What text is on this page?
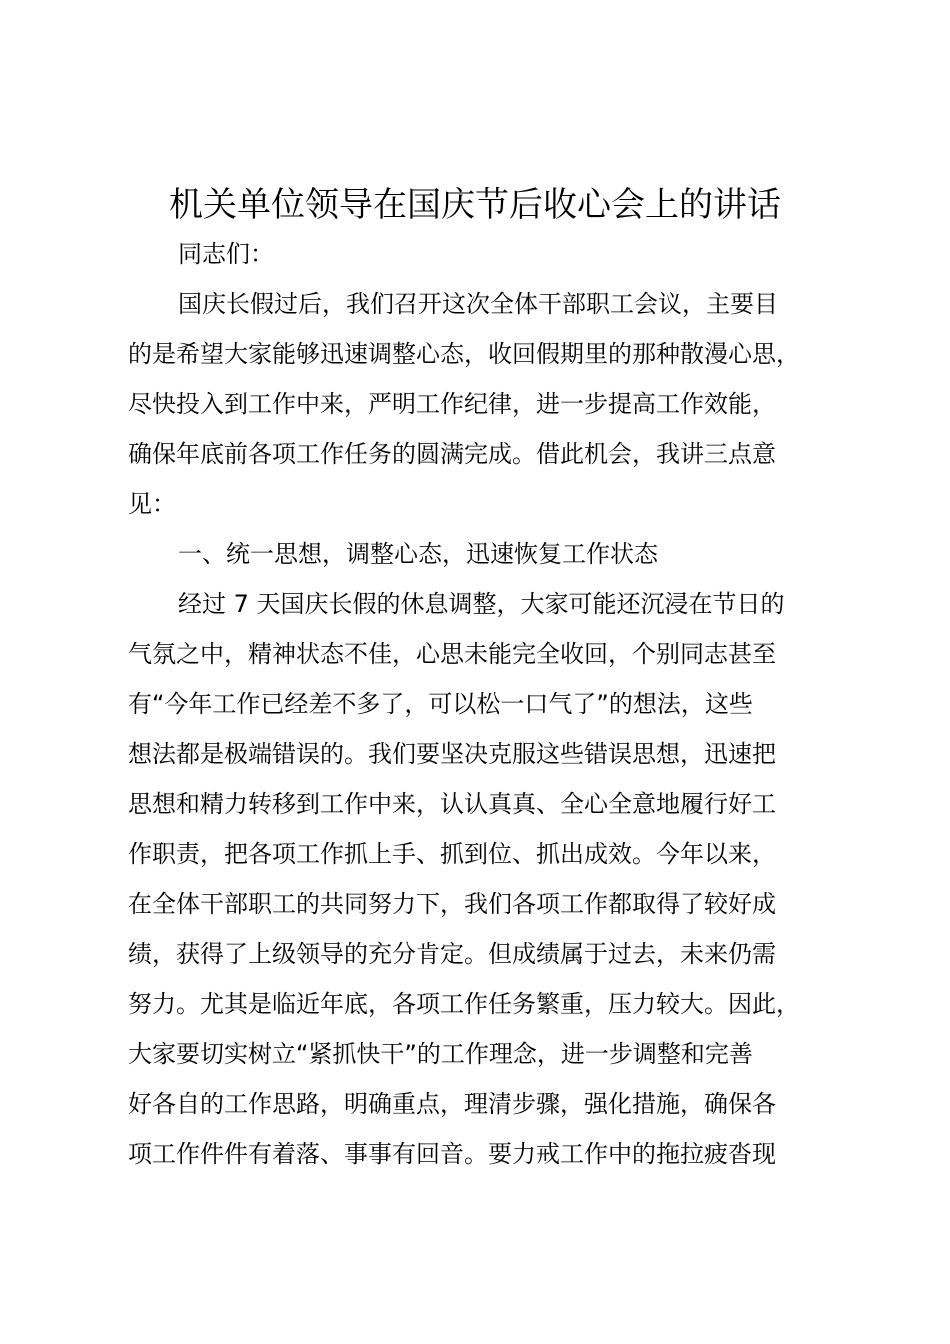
机关单位领导在国庆节后收心会上的讲话

同志们：

国庆长假过后，我们召开这次全体干部职工会议，主要目

的是希望大家能够迅速调整心态，收回假期里的那种散漫心思，

尽快投入到工作中来，严明工作纪律，进一步提高工作效能，

确保年底前各项工作任务的圆满完成。借此机会，我讲三点意

见：

一、统一思想，调整心态，迅速恢复工作状态

经过 7 天国庆长假的休息调整，大家可能还沉浸在节日的

气氛之中，精神状态不佳，心思未能完全收回，个别同志甚至

有“今年工作已经差不多了，可以松一口气了”的想法，这些

想法都是极端错误的。我们要坚决克服这些错误思想，迅速把

思想和精力转移到工作中来，认认真真、全心全意地履行好工

作职责，把各项工作抓上手、抓到位、抓出成效。今年以来，

在全体干部职工的共同努力下，我们各项工作都取得了较好成

绩，获得了上级领导的充分肯定。但成绩属于过去，未来仍需

努力。尤其是临近年底，各项工作任务繁重，压力较大。因此，

大家要切实树立“紧抓快干”的工作理念，进一步调整和完善

好各自的工作思路，明确重点，理清步骤，强化措施，确保各

项工作件件有着落、事事有回音。要力戒工作中的拖拉疲沓现
